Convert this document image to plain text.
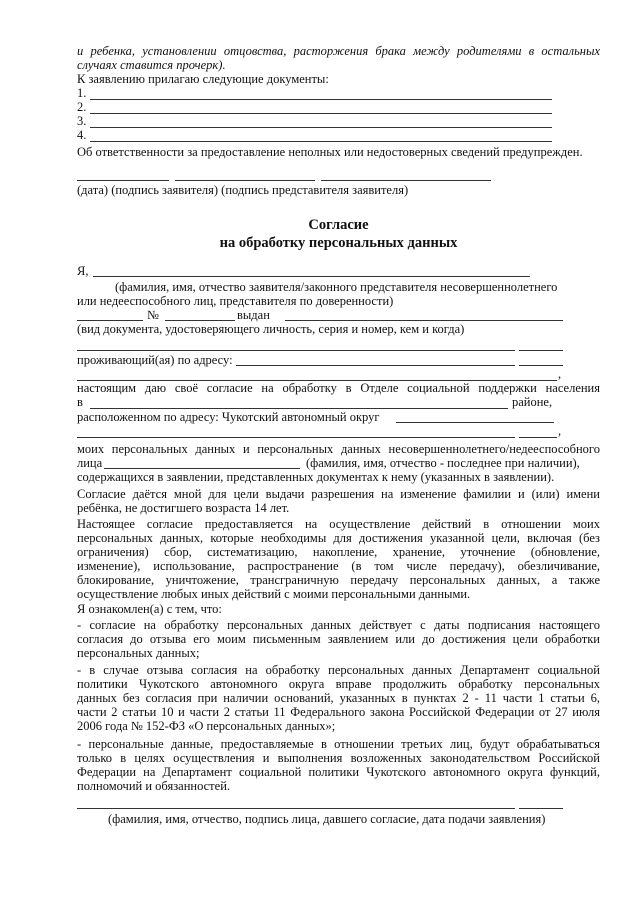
и ребенка, установлении отцовства, расторжения брака между родителями в остальных
случаях ставится прочерк).
К заявлению прилагаю следующие документы:
1.
2.
3.
4.
Об ответственности за предоставление неполных или недостоверных сведений предупрежден.
(дата) (подпись заявителя) (подпись представителя заявителя)
Согласие
на обработку персональных данных
Я,
(фамилия, имя, отчество заявителя/законного представителя несовершеннолетнего
или недееспособного лиц, представителя по доверенности)
№	выдан
(вид документа, удостоверяющего личность, серия и номер, кем и когда)
проживающий(ая) по адресу:
,
настоящим даю своё согласие на обработку в Отделе социальной поддержки населения
в	районе,
расположенном по адресу: Чукотский автономный округ
,
моих персональных данных и персональных данных несовершеннолетнего/недееспособного
лица	(фамилия, имя, отчество - последнее при наличии),
содержащихся в заявлении, представленных документах к нему (указанных в заявлении).
Согласие даётся мной для цели выдачи разрешения на изменение фамилии и (или) имени
ребёнка, не достигшего возраста 14 лет.
Настоящее согласие предоставляется на осуществление действий в отношении моих
персональных данных, которые необходимы для достижения указанной цели, включая (без
ограничения) сбор, систематизацию, накопление, хранение, уточнение (обновление,
изменение), использование, распространение (в том числе передачу), обезличивание,
блокирование, уничтожение, трансграничную передачу персональных данных, а также
осуществление любых иных действий с моими персональными данными.
Я ознакомлен(а) с тем, что:
- согласие на обработку персональных данных действует с даты подписания настоящего
согласия до отзыва его моим письменным заявлением или до достижения цели обработки
персональных данных;
- в случае отзыва согласия на обработку персональных данных Департамент социальной
политики Чукотского автономного округа вправе продолжить обработку персональных
данных без согласия при наличии оснований, указанных в пунктах 2 - 11 части 1 статьи 6,
части 2 статьи 10 и части 2 статьи 11 Федерального закона Российской Федерации от 27 июля
2006 года № 152-ФЗ «О персональных данных»;
- персональные данные, предоставляемые в отношении третьих лиц, будут обрабатываться
только в целях осуществления и выполнения возложенных законодательством Российской
Федерации на Департамент социальной политики Чукотского автономного округа функций,
полномочий и обязанностей.
(фамилия, имя, отчество, подпись лица, давшего согласие, дата подачи заявления)
